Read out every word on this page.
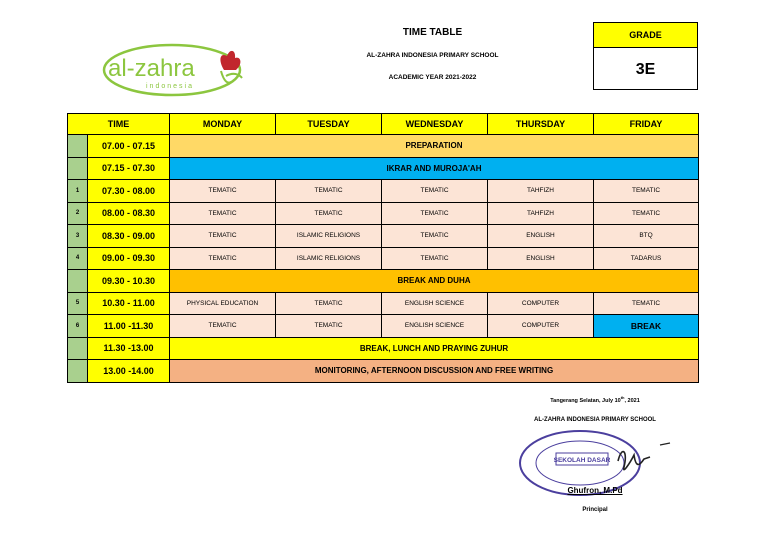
al-zahra
indonesia
TIME TABLE
AL-ZAHRA INDONESIA PRIMARY SCHOOL
ACADEMIC YEAR 2021-2022
GRADE
3E
TIME		MONDAY	TUESDAY	WEDNESDAY	THURSDAY	FRIDAY
	07.00 - 07.15	PREPARATION				
	07.15 - 07.30	IKRAR AND MUROJA'AH				
1	07.30 - 08.00	TEMATIC	TEMATIC	TEMATIC	TAHFIZH	TEMATIC
2	08.00 - 08.30	TEMATIC	TEMATIC	TEMATIC	TAHFIZH	TEMATIC
3	08.30 - 09.00	TEMATIC	ISLAMIC RELIGIONS	TEMATIC	ENGLISH	BTQ
4	09.00 - 09.30	TEMATIC	ISLAMIC RELIGIONS	TEMATIC	ENGLISH	TADARUS
	09.30 - 10.30	BREAK AND DUHA				
5	10.30 - 11.00	PHYSICAL EDUCATION	TEMATIC	ENGLISH SCIENCE	COMPUTER	TEMATIC
6	11.00 -11.30	TEMATIC	TEMATIC	ENGLISH SCIENCE	COMPUTER	BREAK
	11.30 -13.00	BREAK, LUNCH AND PRAYING ZUHUR				
	13.00 -14.00	MONITORING, AFTERNOON DISCUSSION AND FREE WRITING				
Tangerang Selatan, July 10th, 2021
AL-ZAHRA INDONESIA PRIMARY SCHOOL
SEKOLAH DASAR
Ghufron, M.Pd
Principal
